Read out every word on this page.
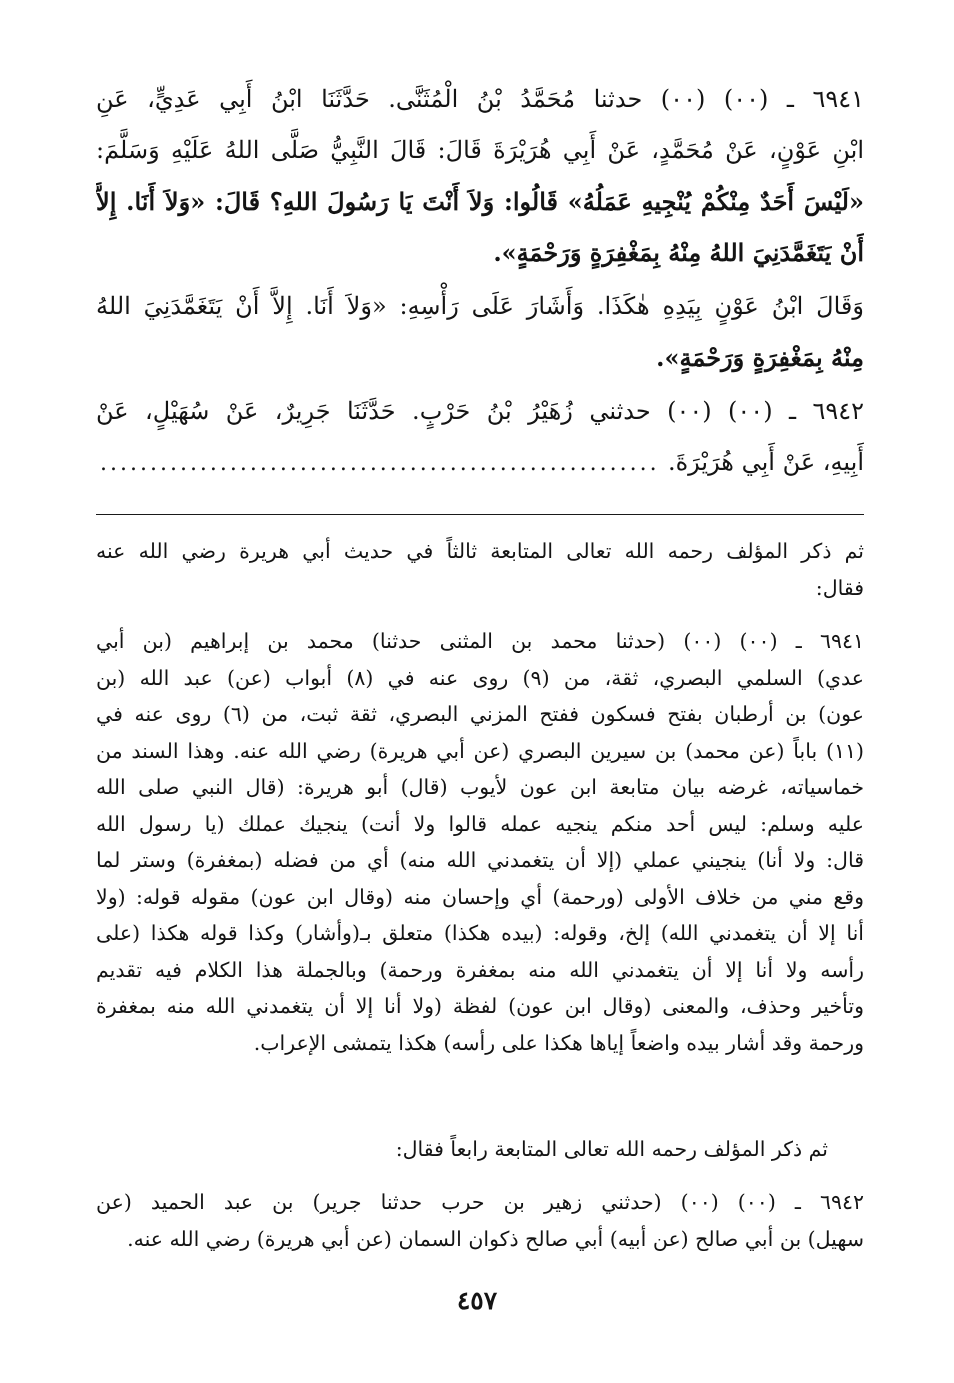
٦٩٤١ ـ (٠٠) (٠٠) حدثنا مُحَمَّدُ بْنُ الْمُثَنَّى. حَدَّثَنَا ابْنُ أَبِي عَدِيٍّ، عَنِ
ابْنِ عَوْنٍ، عَنْ مُحَمَّدٍ، عَنْ أَبِي هُرَيْرَةَ قَالَ: قَالَ النَّبِيُّ صَلَّى اللهُ عَلَيْهِ وَسَلَّمَ:
«لَيْسَ أَحَدٌ مِنْكُمْ يُنْجِيهِ عَمَلُهُ» قَالُوا: وَلاَ أَنْتَ يَا رَسُولَ اللهِ؟ قَالَ: «وَلاَ أَنَا. إِلاَّ
أَنْ يَتَغَمَّدَنِيَ اللهُ مِنْهُ بِمَغْفِرَةٍ وَرَحْمَةٍ».
وَقَالَ ابْنُ عَوْنٍ بِيَدِهِ هٰكَذَا. وَأَشَارَ عَلَى رَأْسِهِ: «وَلاَ أَنَا. إِلاَّ أَنْ يَتَغَمَّدَنِيَ اللهُ
مِنْهُ بِمَغْفِرَةٍ وَرَحْمَةٍ».
٦٩٤٢ ـ (٠٠) (٠٠) حدثني زُهَيْرُ بْنُ حَرْبٍ. حَدَّثَنَا جَرِيرٌ، عَنْ سُهَيْلٍ، عَنْ
أَبِيهِ، عَنْ أَبِي هُرَيْرَةَ.
........................................................
ثم ذكر المؤلف رحمه الله تعالى المتابعة ثالثاً في حديث أبي هريرة رضي الله عنه
فقال:
٦٩٤١ ـ (٠٠) (٠٠) (حدثنا محمد بن المثنى حدثنا) محمد بن إبراهيم (بن أبي
عدي) السلمي البصري، ثقة، من (٩) روى عنه في (٨) أبواب (عن) عبد الله (بن
عون) بن أرطبان بفتح فسكون ففتح المزني البصري، ثقة ثبت، من (٦) روى عنه في
(١١) باباً (عن محمد) بن سيرين البصري (عن أبي هريرة) رضي الله عنه. وهذا السند من
خماسياته، غرضه بيان متابعة ابن عون لأيوب (قال) أبو هريرة: (قال النبي صلى الله
عليه وسلم: ليس أحد منكم ينجيه عمله قالوا ولا أنت) ينجيك عملك (يا رسول الله
قال: ولا أنا) ينجيني عملي (إلا أن يتغمدني الله منه) أي من فضله (بمغفرة) وستر لما
وقع مني من خلاف الأولى (ورحمة) أي وإحسان منه (وقال ابن عون) مقوله قوله: (ولا
أنا إلا أن يتغمدني الله) إلخ، وقوله: (بيده هكذا) متعلق بـ(وأشار) وكذا قوله هكذا (على
رأسه ولا أنا إلا أن يتغمدني الله منه بمغفرة ورحمة) وبالجملة هذا الكلام فيه تقديم
وتأخير وحذف، والمعنى (وقال ابن عون) لفظة (ولا أنا إلا أن يتغمدني الله منه بمغفرة
ورحمة وقد أشار بيده واضعاً إياها هكذا على رأسه) هكذا يتمشى الإعراب.
ثم ذكر المؤلف رحمه الله تعالى المتابعة رابعاً فقال:
٦٩٤٢ ـ (٠٠) (٠٠) (حدثني زهير بن حرب حدثنا جرير) بن عبد الحميد (عن
سهيل) بن أبي صالح (عن أبيه) أبي صالح ذكوان السمان (عن أبي هريرة) رضي الله عنه.
٤٥٧
